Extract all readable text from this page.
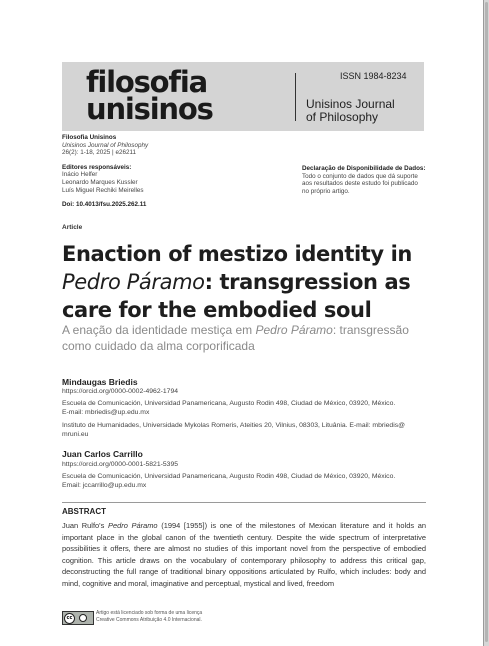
filosofia
unisinos
ISSN 1984-8234
Unisinos Journal
of Philosophy
Filosofia Unisinos
Unisinos Journal of Philosophy
26(2): 1-18, 2025 | e26211
Editores responsáveis:
Inácio Helfer
Leonardo Marques Kussler
Luís Miguel Rechiki Meirelles
Doi: 10.4013/fsu.2025.262.11
Declaração de Disponibilidade de Dados:
Todo o conjunto de dados que dá suporte
aos resultados deste estudo foi publicado
no próprio artigo.
Article
Enaction of mestizo identity in Pedro Páramo: transgression as care for the embodied soul
A enação da identidade mestiça em Pedro Páramo: transgressão como cuidado da alma corporificada
Mindaugas Briedis
https://orcid.org/0000-0002-4962-1794
Escuela de Comunicación, Universidad Panamericana, Augusto Rodin 498, Ciudad de México, 03920, México.
E-mail: mbriedis@up.edu.mx
Instituto de Humanidades, Universidade Mykolas Romeris, Ateities 20, Vilnius, 08303, Lituânia. E-mail: mbriedis@
mruni.eu
Juan Carlos Carrillo
https://orcid.org/0000-0001-5821-5395
Escuela de Comunicación, Universidad Panamericana, Augusto Rodin 498, Ciudad de México, 03920, México.
Email: jccarrillo@up.edu.mx
ABSTRACT
Juan Rulfo's Pedro Páramo (1994 [1955]) is one of the milestones of Mexican literature and it holds an important place in the global canon of the twentieth century. Despite the wide spectrum of interpretative possibilities it offers, there are almost no studies of this important novel from the perspective of embodied cognition. This article draws on the vocabulary of contemporary philosophy to address this critical gap, deconstructing the full range of traditional binary oppositions articulated by Rulfo, which includes: body and mind, cognitive and moral, imaginative and perceptual, mystical and lived, freedom
cc
Artigo está licenciado sob forma de uma licença
Creative Commons Atribuição 4.0 Internacional.
